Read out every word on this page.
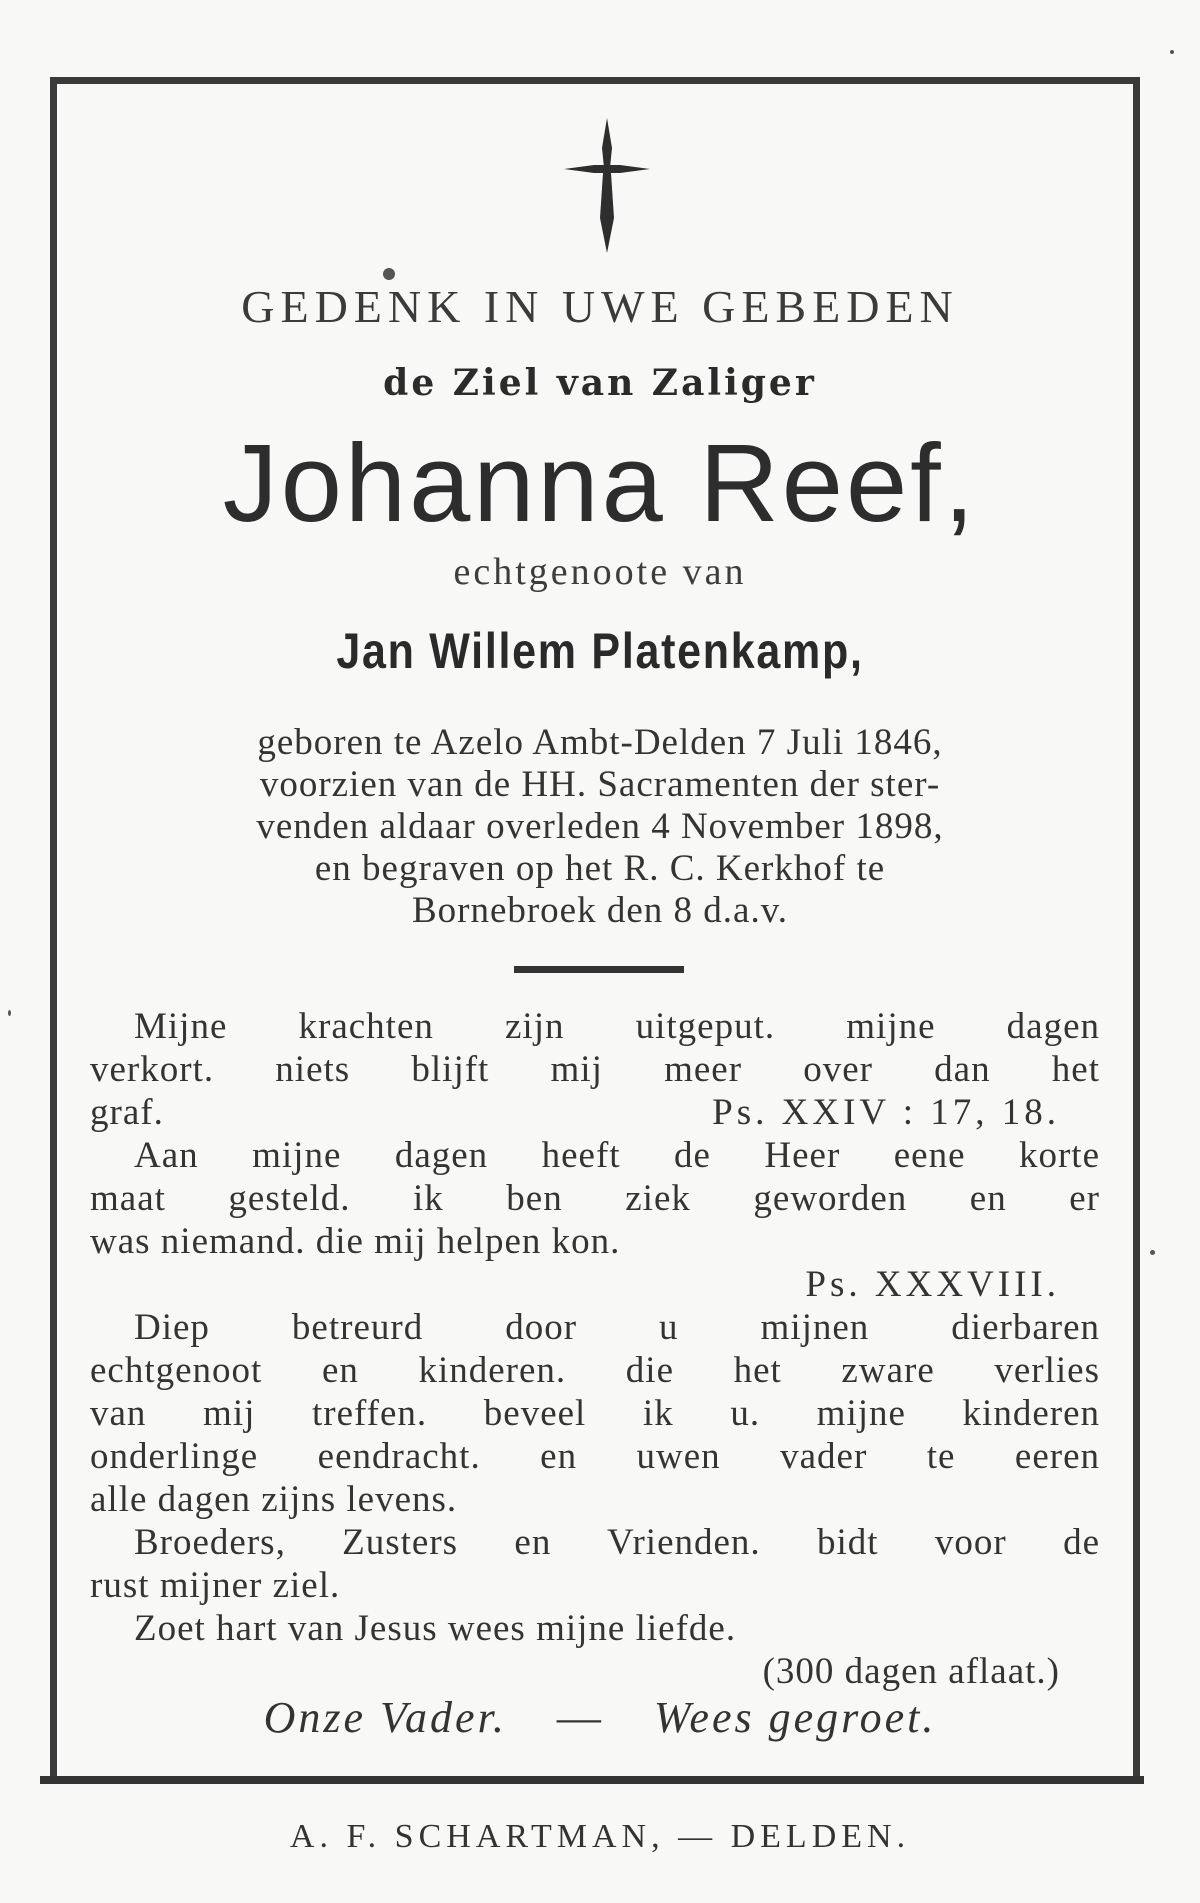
GEDENK IN UWE GEBEDEN
de Ziel van Zaliger
Johanna Reef,
echtgenoote van
Jan Willem Platenkamp,
geboren te Azelo Ambt-Delden 7 Juli 1846,
voorzien van de HH. Sacramenten der ster-
venden aldaar overleden 4 November 1898,
en begraven op het R. C. Kerkhof te
Bornebroek den 8 d.a.v.
Mijne krachten zijn uitgeput. mijne dagen
verkort. niets blijft mij meer over dan het
graf.	Ps. XXIV : 17, 18.
Aan mijne dagen heeft de Heer eene korte
maat gesteld. ik ben ziek geworden en er
was niemand. die mij helpen kon.
Ps. XXXVIII.
Diep betreurd door u mijnen dierbaren
echtgenoot en kinderen. die het zware verlies
van mij treffen. beveel ik u. mijne kinderen
onderlinge eendracht. en uwen vader te eeren
alle dagen zijns levens.
Broeders, Zusters en Vrienden. bidt voor de
rust mijner ziel.
Zoet hart van Jesus wees mijne liefde.
(300 dagen aflaat.)
Onze Vader. — Wees gegroet.
A. F. SCHARTMAN, — DELDEN.
